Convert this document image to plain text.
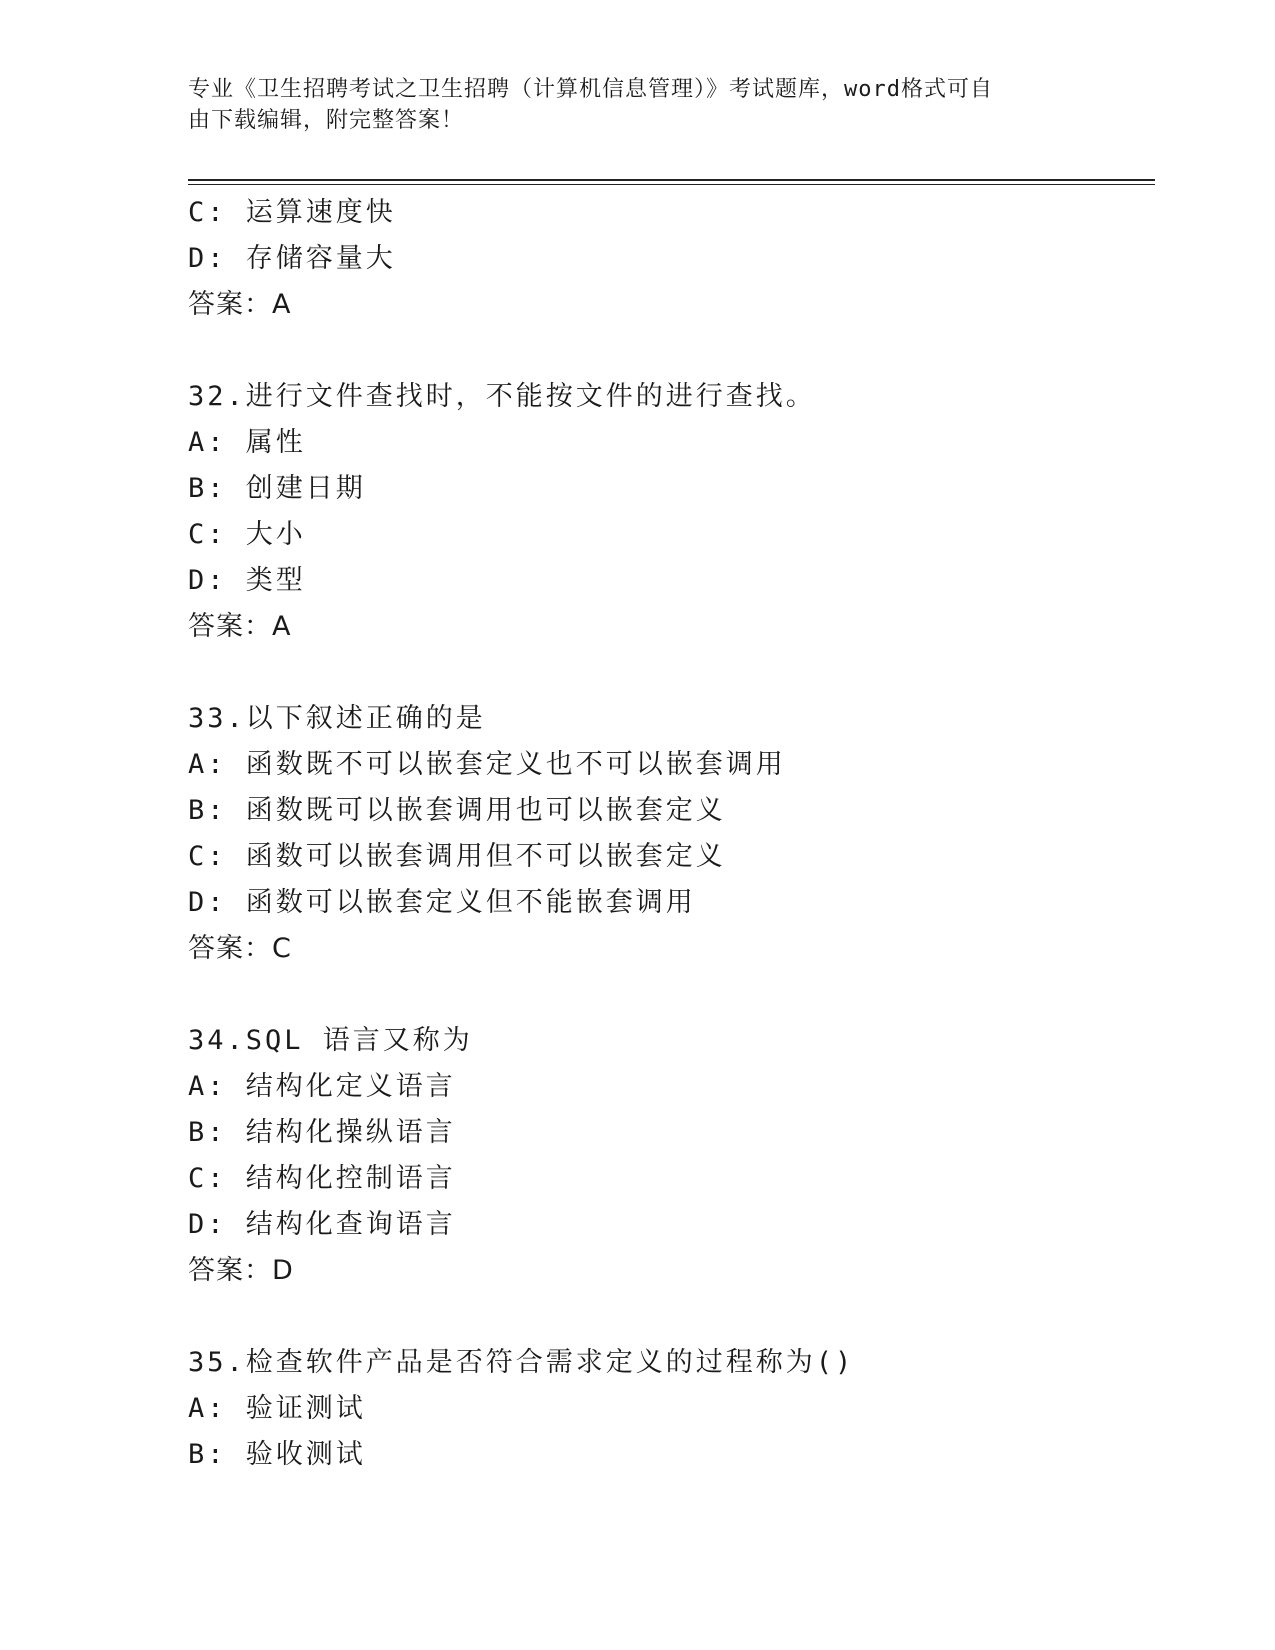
专业《卫生招聘考试之卫生招聘（计算机信息管理）》考试题库，word格式可自
由下载编辑，附完整答案！
C: 运算速度快
D: 存储容量大
答案：A
32.进行文件查找时，不能按文件的进行查找。
A: 属性
B: 创建日期
C: 大小
D: 类型
答案：A
33.以下叙述正确的是
A: 函数既不可以嵌套定义也不可以嵌套调用
B: 函数既可以嵌套调用也可以嵌套定义
C: 函数可以嵌套调用但不可以嵌套定义
D: 函数可以嵌套定义但不能嵌套调用
答案：C
34.SQL 语言又称为
A: 结构化定义语言
B: 结构化操纵语言
C: 结构化控制语言
D: 结构化查询语言
答案：D
35.检查软件产品是否符合需求定义的过程称为()
A: 验证测试
B: 验收测试
